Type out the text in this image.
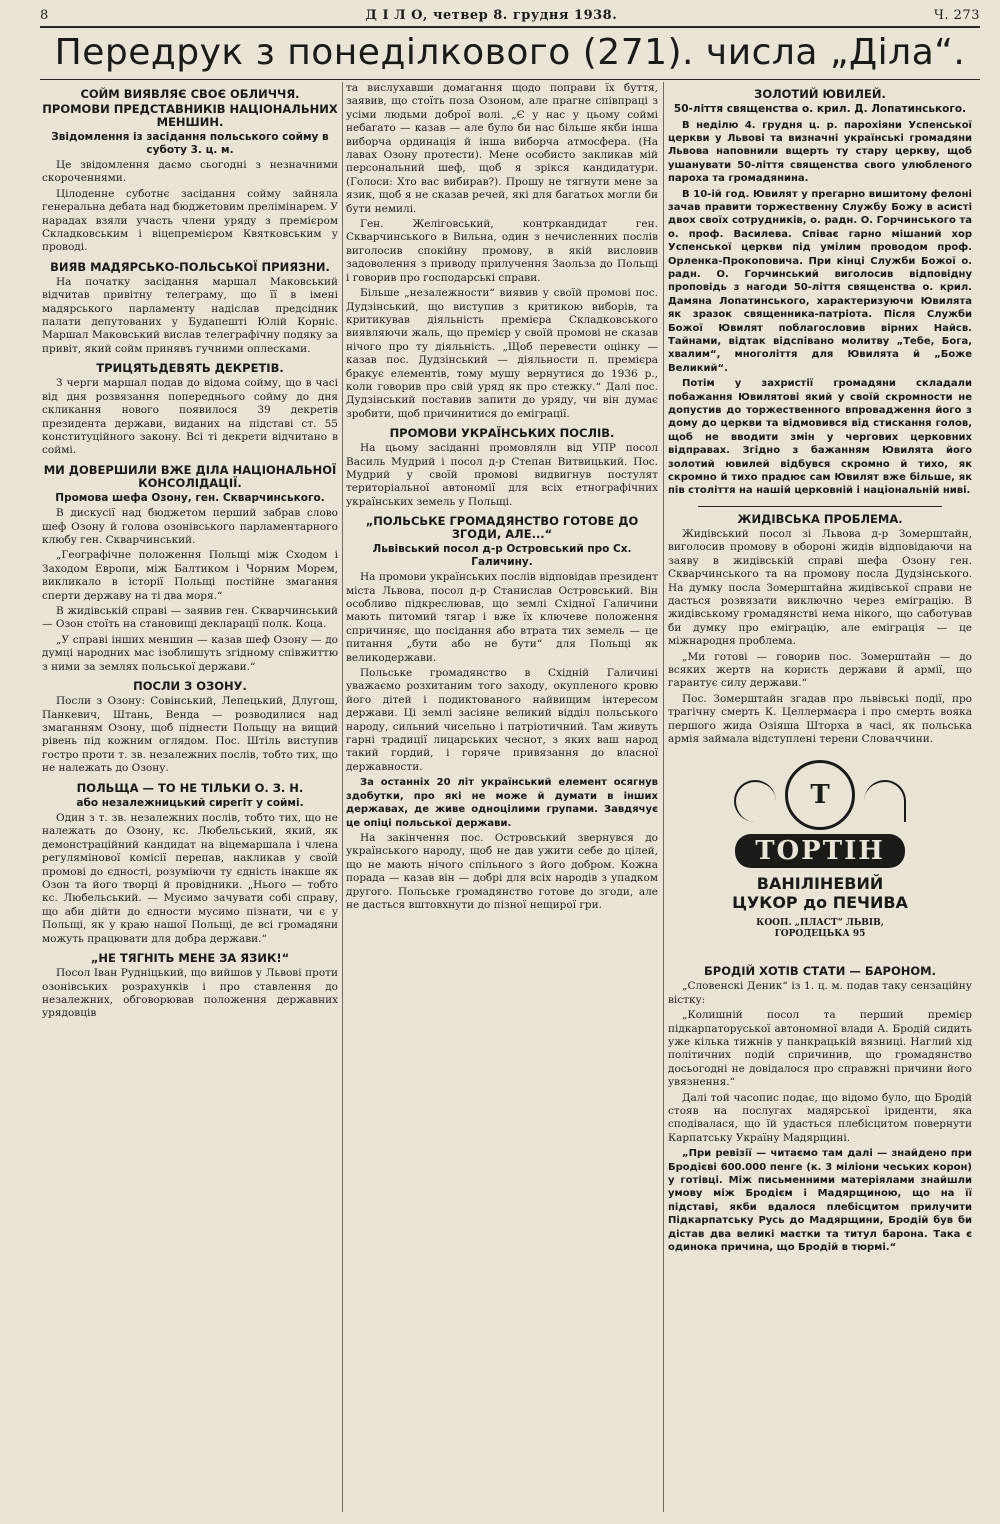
8	Д І Л О, четвер 8. грудня 1938.	Ч. 273
Передрук з понеділкового (271). числа „Діла“.
СОЙМ ВИЯВЛЯЄ СВОЄ ОБЛИЧЧЯ.
ПРОМОВИ ПРЕДСТАВНИКІВ НАЦІОНАЛЬНИХ МЕНШИН.
Звідомлення із засідання польського сойму в суботу 3. ц. м.

Це звідомлення даємо сьогодні з незначними скороченнями.

Цілоденне суботнє засідання сойму зайняла генеральна дебата над бюджетовим прелімінарем. У нарадах взяли участь члени уряду з премієром Складковським і віцепремієром Квятковським у проводі.

ВИЯВ МАДЯРСЬКО-ПОЛЬСЬКОЇ ПРИЯЗНИ.

На початку засідання маршал Маковський відчитав привітну телеграму, що її в імені мадярського парламенту надіслав предсідник палати депутованих у Будапешті Юлій Корніс. Маршал Маковський вислав телеграфічну подяку за привіт, який сойм принявъ гучними оплесками.

ТРИЦЯТЬДЕВЯТЬ ДЕКРЕТІВ.

З черги маршал подав до відома сойму, що в часі від дня розвязання попереднього сойму до дня скликання нового появилося 39 декретів президента держави, виданих на підставі ст. 55 конституційного закону. Всі ті декрети відчитано в соймі.

МИ ДОВЕРШИЛИ ВЖЕ ДІЛА НАЦІОНАЛЬНОЇ КОНСОЛІДАЦІЇ.
Промова шефа Озону, ген. Скварчинського.

В дискусії над бюджетом перший забрав слово шеф Озону й голова озонівського парламентарного клюбу ген. Скварчинський.

„Географічне положення Польщі між Сходом і Заходом Европи, між Балтиком і Чорним Морем, викликало в історії Польщі постійне змагання сперти державу на ті два моря.“

В жидівській справі — заявив ген. Скварчинський — Озон стоїть на становищі декларації полк. Коца.

„У справі інших меншин — казав шеф Озону — до думці народних мас ізоблишуть згідному співжиттю з ними за землях польської держави.“

ПОСЛИ З ОЗОНУ.

Посли з Озону: Совінський, Лепецький, Длугош, Панкевич, Штань, Венда — розводилися над змаганням Озону, щоб піднести Польщу на вищий рівень під кожним оглядом. Пос. Штіль виступив гостро проти т. зв. незалежних послів, тобто тих, що не належать до Озону.

ПОЛЬЩА — ТО НЕ ТІЛЬКИ О. З. Н.
або незалежницький сирегіт у соймі.

Один з т. зв. незалежних послів, тобто тих, що не належать до Озону, кс. Любельський, який, як демонстраційний кандидат на віцемаршала і члена регулямінової комісії перепав, накликав у своїй промові до єдності, розуміючи ту єдність інакше як Озон та його творці й провідники. „Нього — тобто кс. Любельський. — Мусимо зачувати собі справу, що аби дійти до єдности мусимо пізнати, чи є у Польщі, як у краю нашої Польщі, де всі громадяни можуть працювати для добра держави.“

„НЕ ТЯГНІТЬ МЕНЕ ЗА ЯЗИК!“

Посол Іван Рудніцький, що вийшов у Львові проти озонівських розрахунків і про ставлення до незалежних, обговорював положення державних урядовців

та вислухавши домагання щодо поправи їх буття, заявив, що стоїть поза Озоном, але прагне співпраці з усіми людьми доброї волі. „Є у нас у цьому соймі небагато — казав — але було би нас більше якби інша виборча ординація й інша виборча атмосфера. (На лавах Озону протести). Мене особисто закликав мій персональний шеф, щоб я зрікся кандидатури. (Голоси: Хто вас вибирав?). Прошу не тягнути мене за язик, щоб я не сказав речей, які для багатьох могли би бути немилі.

Ген. Желіговський, контркандидат ген. Скварчинського в Вильна, один з нечисленних послів виголосив спокійну промову, в якій висловив задоволення з приводу прилучення Заольза до Польщі і говорив про господарські справи.

Більше „незалежности“ виявив у своїй промові пос. Дудзінський, що виступив з критикою виборів, та критикував діяльність премієра Складковського виявляючи жаль, що премієр у своїй промові не сказав нічого про ту діяльність. „Щоб перевести оцінку — казав пос. Дудзінський — діяльности п. премієра бракує елементів, тому мушу вернутися до 1936 р., коли говорив про свій уряд як про стежку.“ Далі пос. Дудзінський поставив запити до уряду, чи він думає зробити, щоб причинитися до еміграції.

ПРОМОВИ УКРАЇНСЬКИХ ПОСЛІВ.

На цьому засіданні промовляли від УПР посол Василь Мудрий і посол д-р Степан Витвицький. Пос. Мудрий у своїй промові видвигнув постулят територіальної автономії для всіх етнографічних українських земель у Польщі.

„ПОЛЬСЬКЕ ГРОМАДЯНСТВО ГОТОВЕ ДО ЗГОДИ, АЛЕ...“
Львівський посол д-р Островський про Сх. Галичину.

На промови українських послів відповідав президент міста Львова, посол д-р Станислав Островський. Він особливо підкреслював, що землі Східної Галичини мають питомий тягар і вже їх ключеве положення спричиняє, що посідання або втрата тих земель — це питання „бути або не бути“ для Польщі як великодержави.

Польське громадянство в Східній Галичині уважаємо розхитаним того заходу, окупленого кровю його дітей і подиктованого найвищим інтересом держави. Ці землі засіяне великий відділ польського народу, сильний чисельно і патріотичний. Там живуть гарні традиції лицарських чеснот, з яких ваш народ такий гордий, і горяче привязання до власної державности.

За останніх 20 літ український елемент осягнув здобутки, про які не може й думати в інших державах, де живе одноцілими групами. Завдячує це опіці польської держави.

На закінчення пос. Островський звернувся до українського народу, щоб не дав ужити себе до цілей, що не мають нічого спільного з його добром. Кожна порада — казав він — добрі для всіх народів з упадком другого. Польське громадянство готове до згоди, але не дасться вштовхнути до пізної нещирої гри.

ЗОЛОТИЙ ЮВИЛЕЙ.
50-ліття священства о. крил. Д. Лопатинського.

В неділю 4. грудня ц. р. парохіяни Успенської церкви у Львові та визначні українські громадяни Львова наповнили вщерть ту стару церкву, щоб ушанувати 50-ліття священства свого улюбленого пароха та громадянина.

В 10-ій год. Ювилят у прегарно вишитому фелоні зачав правити торжественну Службу Божу в асисті двох своїх сотрудників, о. радн. О. Горчинського та о. проф. Василева. Співає гарно мішаний хор Успенської церкви під умілим проводом проф. Орленка-Прокоповича. При кінці Служби Божої о. радн. О. Горчинський виголосив відповідну проповідь з нагоди 50-ліття священства о. крил. Дамяна Лопатинського, характеризуючи Ювилята як зразок священника-патріота. Після Служби Божої Ювилят поблагословив вірних Найсв. Тайнами, відтак відспівано молитву „Тебе, Бога, хвалим“, многоліття для Ювилята й „Боже Великий“.

Потім у захристії громадяни складали побажання Ювилятові який у своїй скромности не допустив до торжественного впровадження його з дому до церкви та відмовився від стискання голов, щоб не вводити змін у чергових церковних відправах. Згідно з бажанням Ювилята його золотий ювилей відбувся скромно й тихо, як скромно й тихо прадює сам Ювилят вже більше, як пів століття на нашій церковній і національній ниві.

ЖИДІВСЬКА ПРОБЛЕМА.

Жидівський посол зі Львова д-р Зомерштайн, виголосив промову в обороні жидів відповідаючи на заяву в жидівській справі шефа Озону ген. Скварчинського та на промову посла Дудзінського. На думку посла Зомерштайна жидівської справи не дасться розвязати виключно через еміграцію. В жидівському громадянстві нема нікого, що саботував би думку про еміграцію, але еміграція — це міжнародня проблема.

„Ми готові — говорив пос. Зомерштайн — до всяких жертв на користь держави й армії, що гарантує силу держави.“

Пос. Зомерштайн згадав про львівські події, про трагічну смерть К. Целлермаєра і про смерть вояка першого жида Озіяша Шторха в часі, як польська армія займала відступлені терени Словаччини.

Т
ТОРТІН
ВАНІЛІНЕВИЙ ЦУКОР до ПЕЧИВА
КООП. „ПЛАСТ“ ЛЬВІВ, ГОРОДЕЦЬКА 95
БРОДІЙ ХОТІВ СТАТИ — БАРОНОМ.

„Словенскі Деник“ із 1. ц. м. подав таку сензаційну вістку:

„Колишній посол та перший премієр підкарпаторуської автономної влади А. Бродій сидить уже кілька тижнів у панкрацькій вязниці. Наглий хід політичних подій спричинив, що громадянство досьогодні не довідалося про справжні причини його увязнення.“

Далі той часопис подає, що відомо було, що Бродій стояв на послугах мадярської іриденти, яка сподівалася, що їй удасться плебісцитом повернути Карпатську Україну Мадярщині.

„При ревізії — читаємо там далі — знайдено при Бродієві 600.000 пенге (к. 3 міліони чеських корон) у готівці. Між письменними матеріялами знайшли умову між Бродієм і Мадярщиною, що на її підставі, якби вдалося плебісцитом прилучити Підкарпатську Русь до Мадярщини, Бродій був би дістав два великі маєтки та титул барона. Така є одинока причина, що Бродій в тюрмі.“
